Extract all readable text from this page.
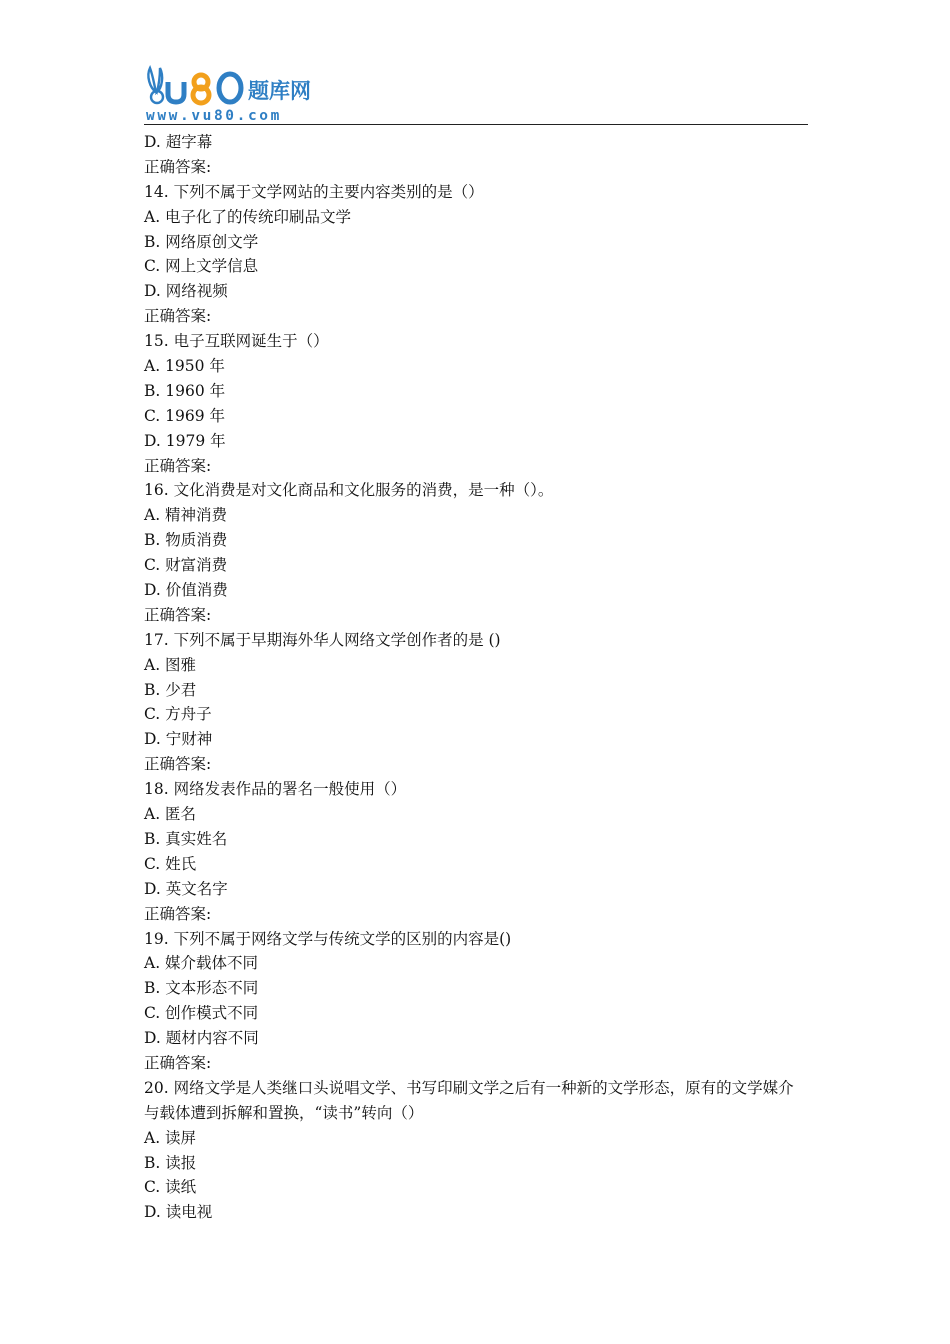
题库网
www.vu80.com
D. 超字幕
正确答案:
14. 下列不属于文学网站的主要内容类别的是（）
A. 电子化了的传统印刷品文学
B. 网络原创文学
C. 网上文学信息
D. 网络视频
正确答案:
15. 电子互联网诞生于（）
A. 1950 年
B. 1960 年
C. 1969 年
D. 1979 年
正确答案:
16. 文化消费是对文化商品和文化服务的消费，是一种（）。
A. 精神消费
B. 物质消费
C. 财富消费
D. 价值消费
正确答案:
17. 下列不属于早期海外华人网络文学创作者的是 ()
A. 图雅
B. 少君
C. 方舟子
D. 宁财神
正确答案:
18. 网络发表作品的署名一般使用（）
A. 匿名
B. 真实姓名
C. 姓氏
D. 英文名字
正确答案:
19. 下列不属于网络文学与传统文学的区别的内容是()
A. 媒介载体不同
B. 文本形态不同
C. 创作模式不同
D. 题材内容不同
正确答案:
20. 网络文学是人类继口头说唱文学、书写印刷文学之后有一种新的文学形态，原有的文学媒介与载体遭到拆解和置换，“读书”转向（）
A. 读屏
B. 读报
C. 读纸
D. 读电视
